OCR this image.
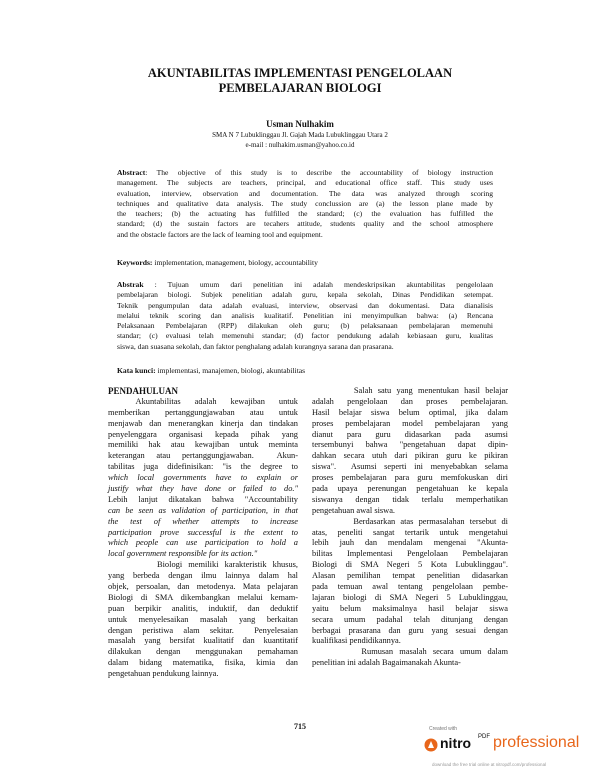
AKUNTABILITAS IMPLEMENTASI PENGELOLAAN
PEMBELAJARAN BIOLOGI
Usman Nulhakim
SMA N 7 Lubuklinggau Jl. Gajah Mada Lubuklinggau Utara 2
e-mail : nulhakim.usman@yahoo.co.id
Abstract: The objective of this study is to describe the accountability of biology instruction
management. The subjects are teachers, principal, and educational office staff. This study uses
evaluation, interview, observation and documentation. The data was analyzed through scoring
techniques and qualitative data analysis. The study conclussion are (a) the lesson plane made by
the teachers; (b) the actuating has fulfilled the standard; (c) the evaluation has fulfilled the
standard; (d) the sustain factors are tecahers attitude, students quality and the school atmosphere
and the obstacle factors are the lack of learning tool and equipment.
Keywords: implementation, management, biology, accountability
Abstrak : Tujuan umum dari penelitian ini adalah mendeskripsikan akuntabilitas pengelolaan
pembelajaran biologi. Subjek penelitian adalah guru, kepala sekolah, Dinas Pendidikan setempat.
Teknik pengumpulan data adalah evaluasi, interview, observasi dan dokumentasi. Data dianalisis
melalui teknik scoring dan analisis kualitatif. Penelitian ini menyimpulkan bahwa: (a) Rencana
Pelaksanaan Pembelajaran (RPP) dilakukan oleh guru; (b) pelaksanaan pembelajaran memenuhi
standar; (c) evaluasi telah memenuhi standar; (d) factor pendukung adalah kebiasaan guru, kualitas
siswa, dan suasana sekolah, dan faktor penghalang adalah kurangnya sarana dan prasarana.
Kata kunci: implementasi, manajemen, biologi, akuntabilitas
PENDAHULUAN
Akuntabilitas    adalah    kewajiban    untuk
memberikan pertanggungjawaban atau untuk
menjawab dan menerangkan kinerja dan tindakan
penyelenggara organisasi kepada pihak yang
memiliki hak atau kewajiban untuk meminta
keterangan atau pertanggungjawaban.  Akun-
tabilitas juga didefinisikan: "is the degree to
which local governments have to explain or
justify what they have done or failed to do."
Lebih lanjut dikatakan bahwa "Accountability
can be seen as validation of participation, in that
the test of whether attempts to increase
participation prove successful is the extent to
which people can use participation to hold a
local government responsible for its action."
Biologi memiliki karakteristik khusus,
yang berbeda dengan ilmu lainnya dalam hal
objek, persoalan, dan metodenya. Mata pelajaran
Biologi di SMA dikembangkan melalui kemam-
puan berpikir analitis, induktif, dan deduktif
untuk menyelesaikan masalah yang berkaitan
dengan peristiwa alam sekitar.  Penyelesaian
masalah yang bersifat kualitatif dan kuantitatif
dilakukan dengan menggunakan pemahaman
dalam bidang matematika, fisika, kimia dan
pengetahuan pendukung lainnya.
Salah satu yang menentukan hasil belajar
adalah pengelolaan dan proses pembelajaran.
Hasil belajar siswa belum optimal, jika dalam
proses pembelajaran model pembelajaran yang
dianut para guru didasarkan pada asumsi
tersembunyi bahwa "pengetahuan dapat dipin-
dahkan secara utuh dari pikiran guru ke pikiran
siswa".  Asumsi seperti ini menyebabkan selama
proses pembelajaran para guru memfokuskan diri
pada upaya perenungan pengetahuan ke kepala
siswanya dengan tidak terlalu memperhatikan
pengetahuan awal siswa.
Berdasarkan atas permasalahan tersebut di
atas, peneliti sangat tertarik untuk mengetahui
lebih jauh dan mendalam mengenai "Akunta-
bilitas Implementasi Pengelolaan Pembelajaran
Biologi di SMA Negeri 5 Kota Lubuklinggau".
Alasan pemilihan tempat penelitian didasarkan
pada temuan awal tentang pengelolaan pembe-
lajaran biologi di SMA Negeri 5 Lubuklinggau,
yaitu belum maksimalnya hasil belajar siswa
secara umum padahal telah ditunjang dengan
berbagai prasarana dan guru yang sesuai dengan
kualifikasi pendidikannya.
Rumusan masalah secara umum dalam
penelitian ini adalah Bagaimanakah Akunta-
715	Created with
nitro PDF professional
download the free trial online at nitropdf.com/professional
